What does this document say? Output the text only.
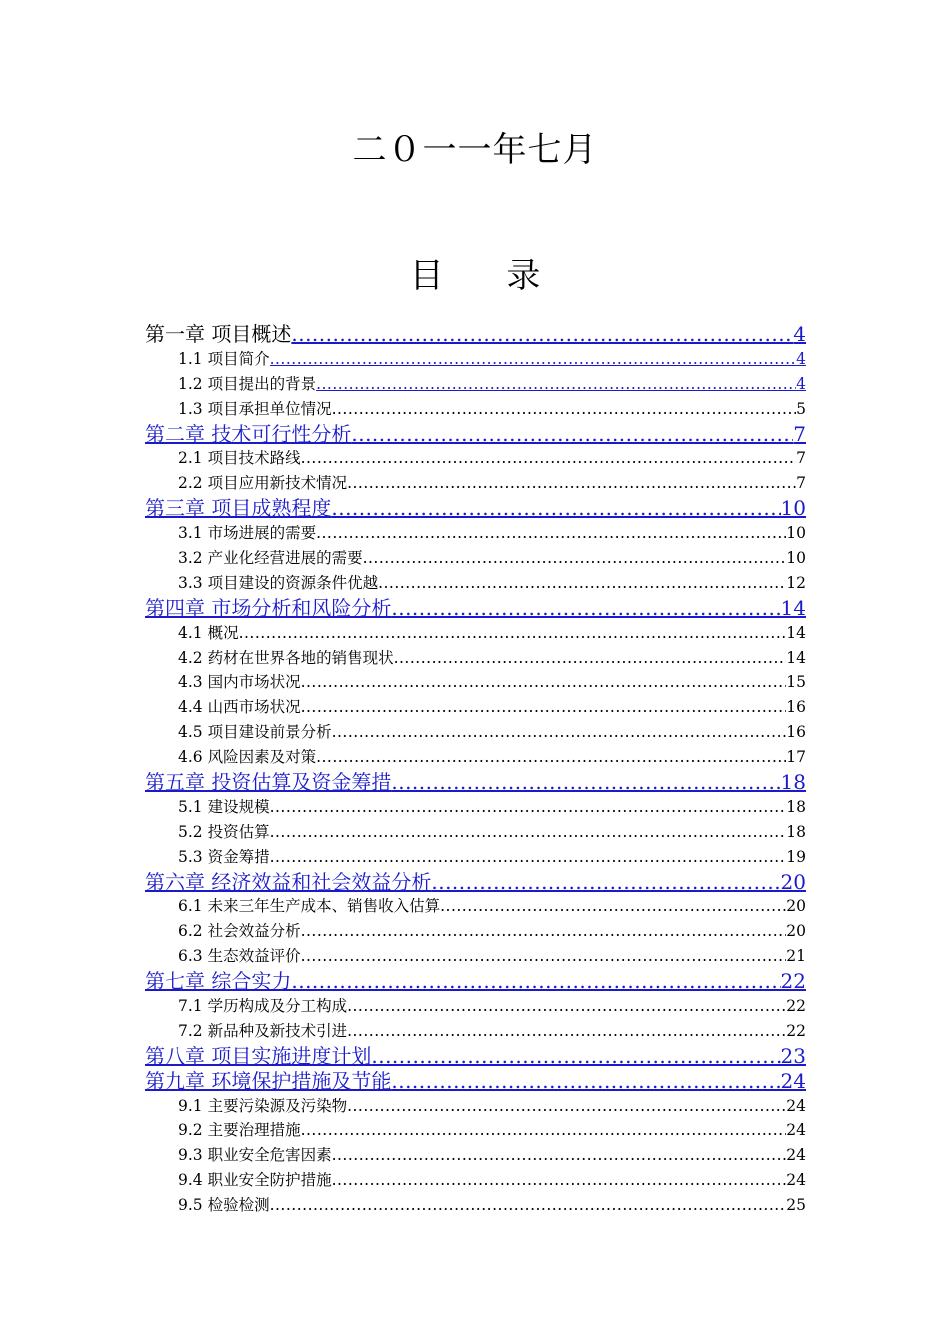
二０一一年七月
目 录
第一章 项目概述 .....	4
1.1 项目简介 .....	4
1.2 项目提出的背景 .....	4
1.3 项目承担单位情况 .....	5
第二章 技术可行性分析 .....	7
2.1 项目技术路线 .....	7
2.2 项目应用新技术情况 .....	7
第三章 项目成熟程度 .....	10
3.1 市场进展的需要 .....	10
3.2 产业化经营进展的需要 .....	10
3.3 项目建设的资源条件优越 .....	12
第四章 市场分析和风险分析 .....	14
4.1 概况 .....	14
4.2 药材在世界各地的销售现状 .....	14
4.3 国内市场状况 .....	15
4.4 山西市场状况 .....	16
4.5 项目建设前景分析 .....	16
4.6 风险因素及对策 .....	17
第五章 投资估算及资金筹措 .....	18
5.1 建设规模 .....	18
5.2 投资估算 .....	18
5.3 资金筹措 .....	19
第六章 经济效益和社会效益分析 .....	20
6.1 未来三年生产成本、销售收入估算 .....	20
6.2 社会效益分析 .....	20
6.3 生态效益评价 .....	21
第七章 综合实力 .....	22
7.1 学历构成及分工构成 .....	22
7.2 新品种及新技术引进 .....	22
第八章 项目实施进度计划 .....	23
第九章 环境保护措施及节能 .....	24
9.1 主要污染源及污染物 .....	24
9.2 主要治理措施 .....	24
9.3 职业安全危害因素 .....	24
9.4 职业安全防护措施 .....	24
9.5 检验检测 .....	25
